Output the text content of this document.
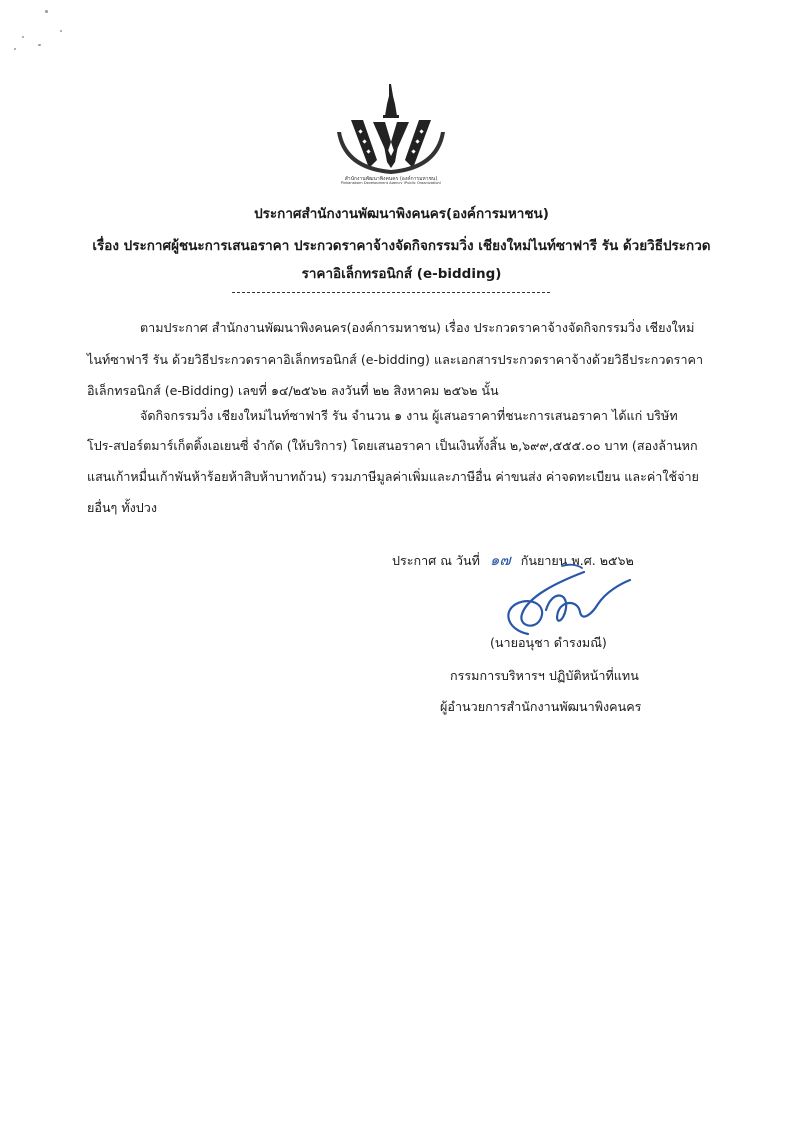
สำนักงานพัฒนาพิงคนคร (องค์การมหาชน)
Pinkanakorn Development Agency (Public Organization)
ประกาศสำนักงานพัฒนาพิงคนคร(องค์การมหาชน)
เรื่อง ประกาศผู้ชนะการเสนอราคา ประกวดราคาจ้างจัดกิจกรรมวิ่ง เชียงใหม่ไนท์ซาฟารี รัน ด้วยวิธีประกวด
ราคาอิเล็กทรอนิกส์ (e-bidding)
ตามประกาศ สำนักงานพัฒนาพิงคนคร(องค์การมหาชน) เรื่อง ประกวดราคาจ้างจัดกิจกรรมวิ่ง เชียงใหม่
ไนท์ซาฟารี รัน ด้วยวิธีประกวดราคาอิเล็กทรอนิกส์ (e-bidding) และเอกสารประกวดราคาจ้างด้วยวิธีประกวดราคา
อิเล็กทรอนิกส์ (e-Bidding) เลขที่ ๑๔/๒๕๖๒ ลงวันที่ ๒๒ สิงหาคม ๒๕๖๒ นั้น
จัดกิจกรรมวิ่ง เชียงใหม่ไนท์ซาฟารี รัน จำนวน ๑ งาน ผู้เสนอราคาที่ชนะการเสนอราคา ได้แก่ บริษัท
โปร-สปอร์ตมาร์เก็ตติ้งเอเยนซี่ จำกัด (ให้บริการ) โดยเสนอราคา เป็นเงินทั้งสิ้น ๒,๖๙๙,๕๕๕.๐๐ บาท (สองล้านหก
แสนเก้าหมื่นเก้าพันห้าร้อยห้าสิบห้าบาทถ้วน) รวมภาษีมูลค่าเพิ่มและภาษีอื่น ค่าขนส่ง ค่าจดทะเบียน และค่าใช้จ่าย
ยอื่นๆ ทั้งปวง
ประกาศ ณ วันที่ ๑๗ กันยายน พ.ศ. ๒๕๖๒
(นายอนุชา ดำรงมณี)
กรรมการบริหารฯ ปฏิบัติหน้าที่แทน
ผู้อำนวยการสำนักงานพัฒนาพิงคนคร
